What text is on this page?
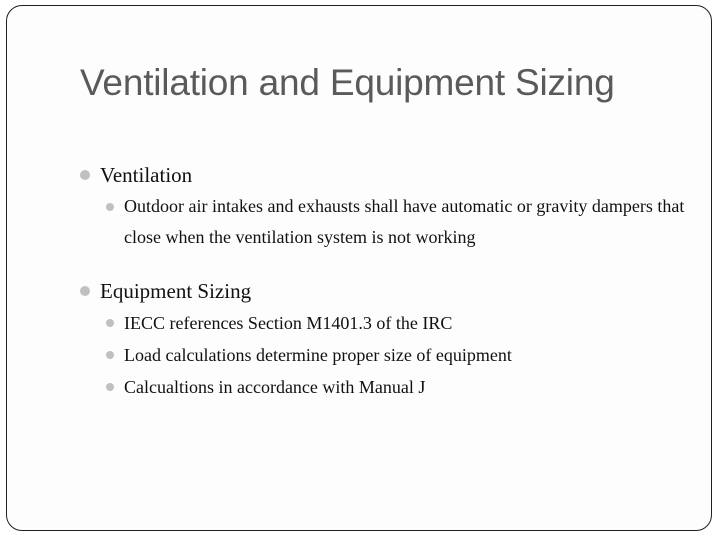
Ventilation and Equipment Sizing
Ventilation
Outdoor air intakes and exhausts shall have automatic or gravity dampers that close when the ventilation system is not working
Equipment Sizing
IECC references Section M1401.3 of the IRC
Load calculations determine proper size of equipment
Calcualtions in accordance with Manual J
